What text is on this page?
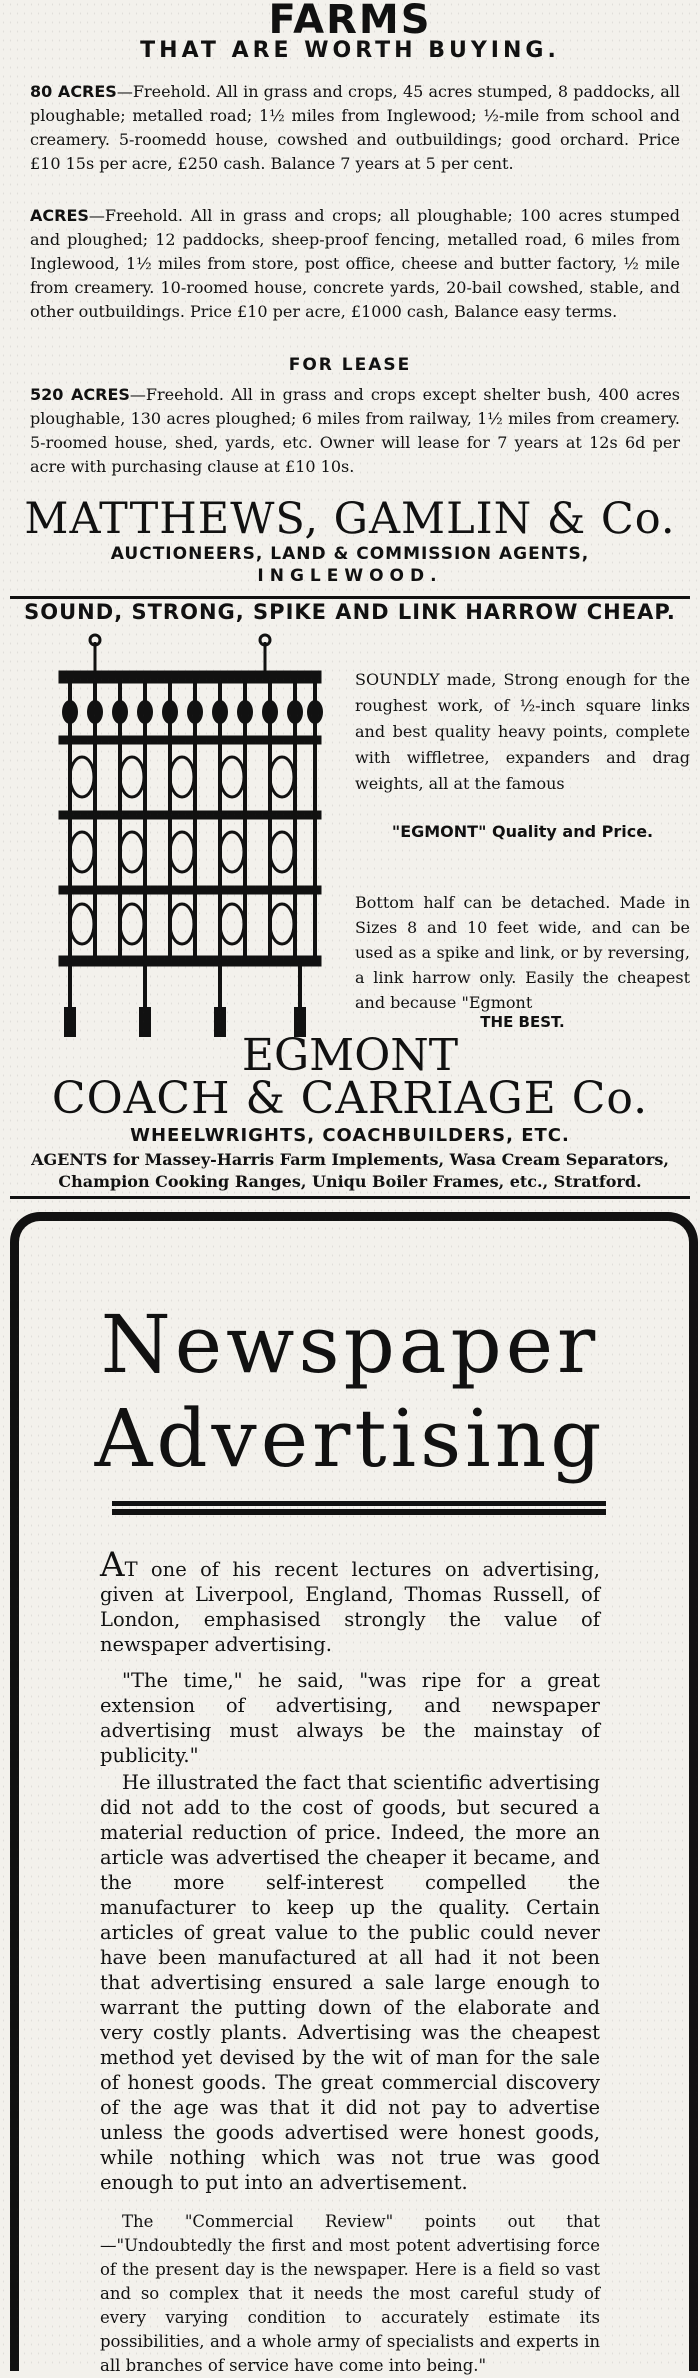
FARMS
THAT ARE WORTH BUYING.
80 ACRES—Freehold. All in grass and crops, 45 acres stumped, 8 paddocks, all ploughable; metalled road; 1½ miles from Inglewood; ½-mile from school and creamery. 5-roomedd house, cowshed and outbuildings; good orchard. Price £10 15s per acre, £250 cash. Balance 7 years at 5 per cent.
ACRES—Freehold. All in grass and crops; all ploughable; 100 acres stumped and ploughed; 12 paddocks, sheep-proof fencing, metalled road, 6 miles from Inglewood, 1½ miles from store, post office, cheese and butter factory, ½ mile from creamery. 10-roomed house, concrete yards, 20-bail cowshed, stable, and other outbuildings. Price £10 per acre, £1000 cash, Balance easy terms.
FOR LEASE
520 ACRES—Freehold. All in grass and crops except shelter bush, 400 acres ploughable, 130 acres ploughed; 6 miles from railway, 1½ miles from creamery. 5-roomed house, shed, yards, etc. Owner will lease for 7 years at 12s 6d per acre with purchasing clause at £10 10s.
MATTHEWS, GAMLIN & Co.
AUCTIONEERS, LAND & COMMISSION AGENTS,
INGLEWOOD.
SOUND, STRONG, SPIKE AND LINK HARROW CHEAP.
SOUNDLY made, Strong enough for the roughest work, of ½-inch square links and best quality heavy points, complete with wiffletree, expanders and drag weights, all at the famous
"EGMONT" Quality and Price.
Bottom half can be detached. Made in Sizes 8 and 10 feet wide, and can be used as a spike and link, or by reversing, a link harrow only. Easily the cheapest and because "Egmont
THE BEST.
EGMONT
COACH & CARRIAGE Co.
WHEELWRIGHTS, COACHBUILDERS, ETC.
AGENTS for Massey-Harris Farm Implements, Wasa Cream Separators,
Champion Cooking Ranges, Uniqu Boiler Frames, etc., Stratford.
Newspaper
Advertising
AT one of his recent lectures on advertising, given at Liverpool, England, Thomas Russell, of London, emphasised strongly the value of newspaper advertising.
"The time," he said, "was ripe for a great extension of advertising, and newspaper advertising must always be the mainstay of publicity."
He illustrated the fact that scientific advertising did not add to the cost of goods, but secured a material reduction of price. Indeed, the more an article was advertised the cheaper it became, and the more self-interest compelled the manufacturer to keep up the quality. Certain articles of great value to the public could never have been manufactured at all had it not been that advertising ensured a sale large enough to warrant the putting down of the elaborate and very costly plants. Advertising was the cheapest method yet devised by the wit of man for the sale of honest goods. The great commercial discovery of the age was that it did not pay to advertise unless the goods advertised were honest goods, while nothing which was not true was good enough to put into an advertisement.
The "Commercial Review" points out that—"Undoubtedly the first and most potent advertising force of the present day is the newspaper. Here is a field so vast and so complex that it needs the most careful study of every varying condition to accurately estimate its possibilities, and a whole army of specialists and experts in all branches of service have come into being."
